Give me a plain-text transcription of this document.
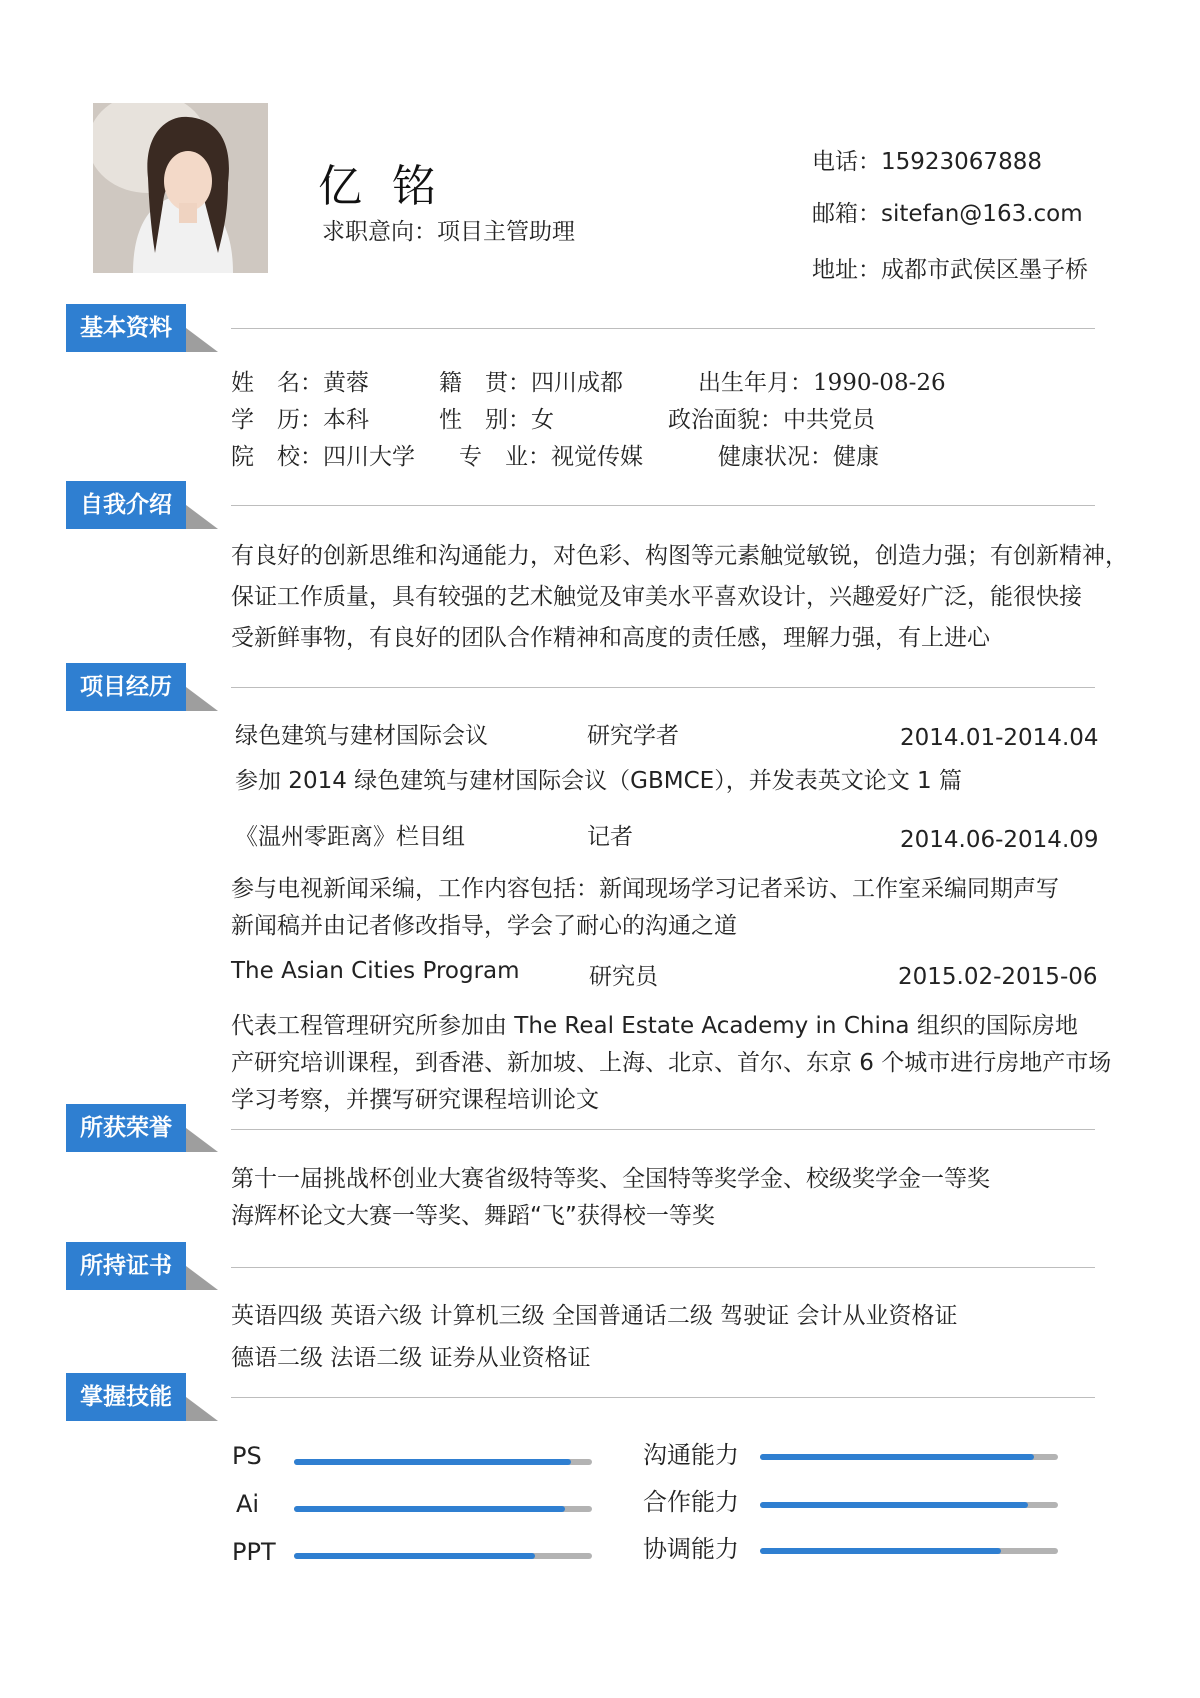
亿 铭
求职意向：项目主管助理
电话：15923067888
邮箱：sitefan@163.com
地址：成都市武侯区墨子桥
基本资料
姓　名：黄蓉	籍　贯：四川成都	出生年月：1990-08-26
学　历：本科	性　别：女	政治面貌：中共党员
院　校：四川大学 专　业：视觉传媒	健康状况：健康
自我介绍
有良好的创新思维和沟通能力，对色彩、构图等元素触觉敏锐，创造力强；有创新精神，
保证工作质量，具有较强的艺术触觉及审美水平喜欢设计，兴趣爱好广泛，能很快接
受新鲜事物，有良好的团队合作精神和高度的责任感，理解力强，有上进心
项目经历
绿色建筑与建材国际会议	研究学者	2014.01-2014.04
参加 2014 绿色建筑与建材国际会议（GBMCE），并发表英文论文 1 篇
《温州零距离》栏目组	记者	2014.06-2014.09
参与电视新闻采编，工作内容包括：新闻现场学习记者采访、工作室采编同期声写
新闻稿并由记者修改指导，学会了耐心的沟通之道
The Asian Cities Program	研究员	2015.02-2015-06
代表工程管理研究所参加由 The Real Estate Academy in China 组织的国际房地
产研究培训课程，到香港、新加坡、上海、北京、首尔、东京 6 个城市进行房地产市场
学习考察，并撰写研究课程培训论文
所获荣誉
第十一届挑战杯创业大赛省级特等奖、全国特等奖学金、校级奖学金一等奖
海辉杯论文大赛一等奖、舞蹈“飞”获得校一等奖
所持证书
英语四级 英语六级 计算机三级 全国普通话二级 驾驶证 会计从业资格证
德语二级 法语二级 证券从业资格证
掌握技能
PS
Ai
PPT
沟通能力
合作能力
协调能力
